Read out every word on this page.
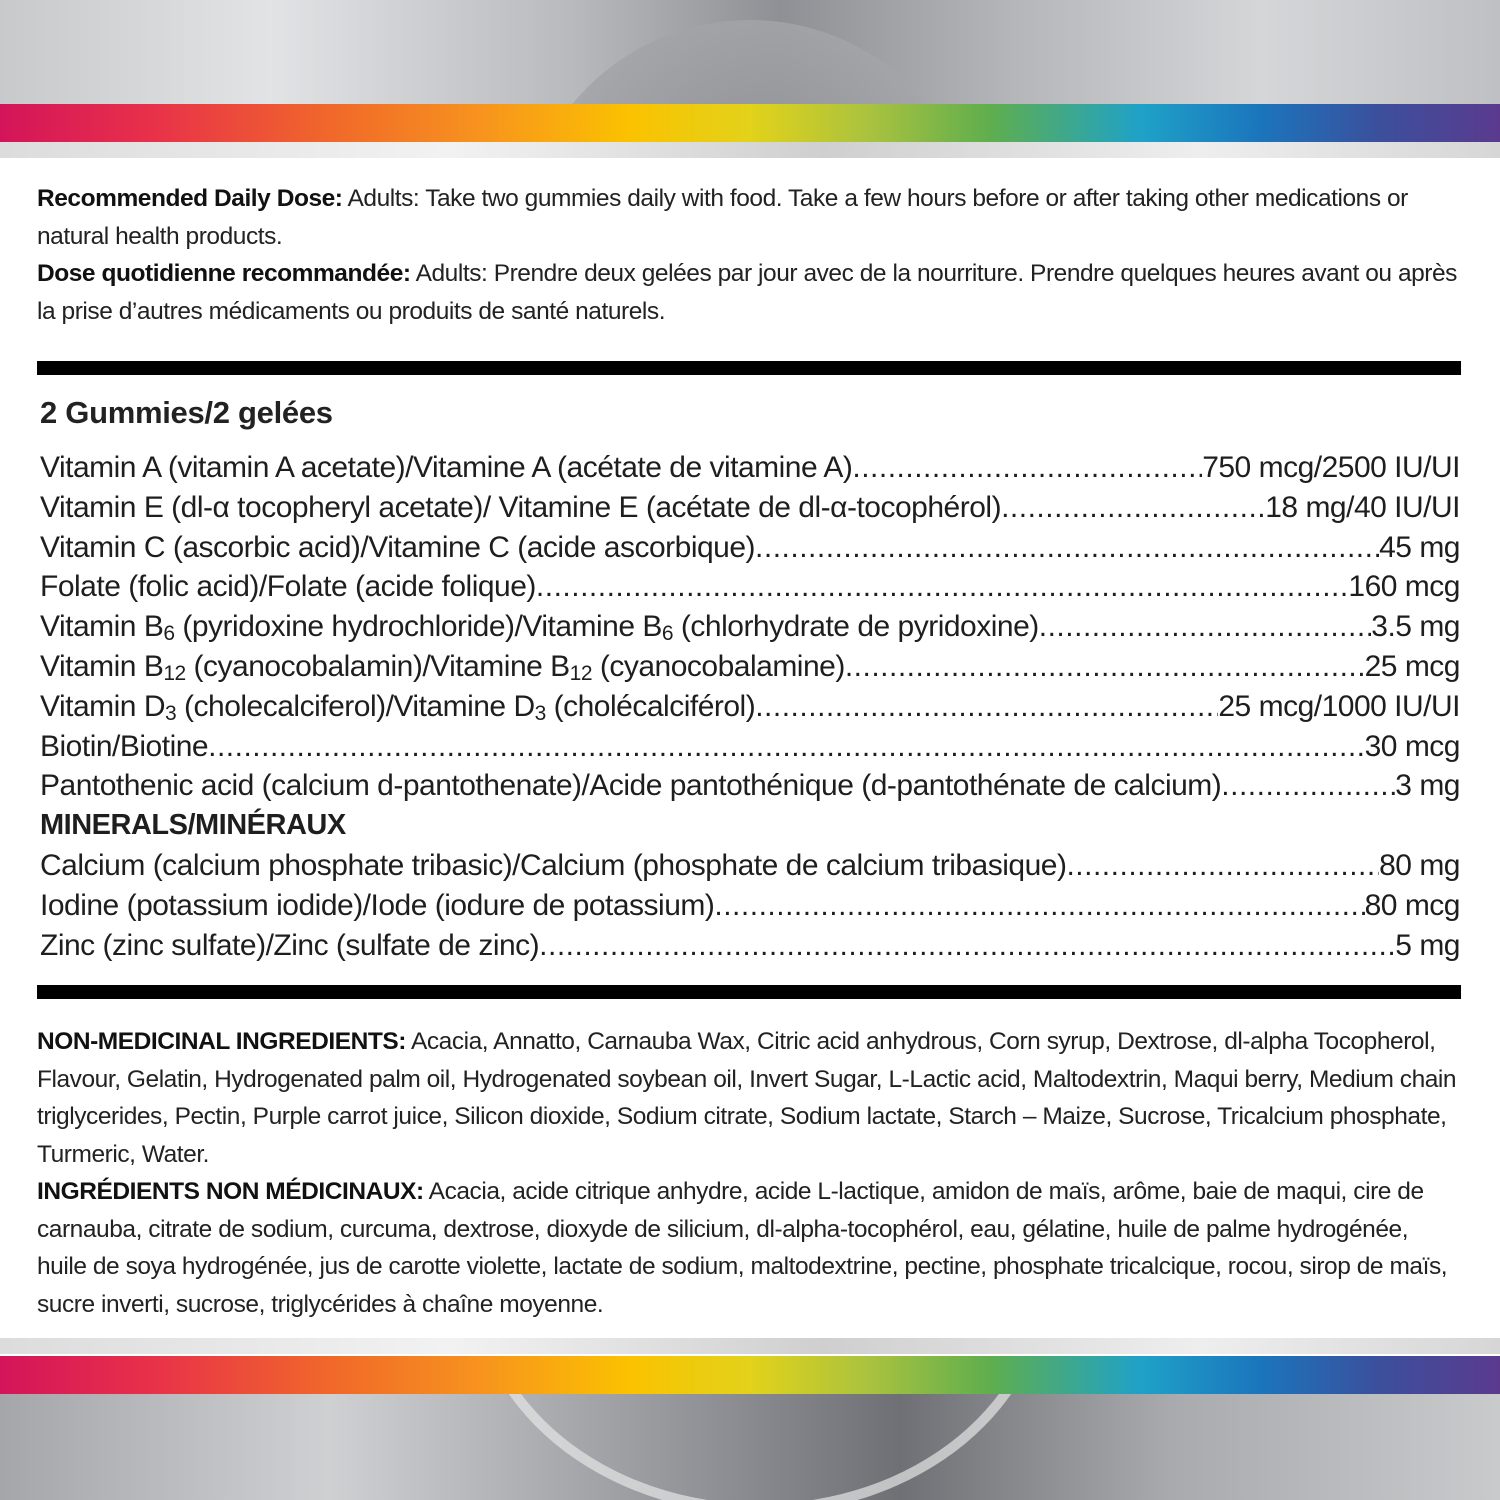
Recommended Daily Dose: Adults: Take two gummies daily with food. Take a few hours before or after taking other medications or natural health products.
Dose quotidienne recommandée: Adults: Prendre deux gelées par jour avec de la nourriture. Prendre quelques heures avant ou après la prise d’autres médicaments ou produits de santé naturels.
2 Gummies/2 gelées
Vitamin A (vitamin A acetate)/Vitamine A (acétate de vitamine A) .....	750 mcg/2500 IU/UI
Vitamin E (dl-α tocopheryl acetate)/ Vitamine E (acétate de dl-α-tocophérol) .....	18 mg/40 IU/UI
Vitamin C (ascorbic acid)/Vitamine C (acide ascorbique) .....	45 mg
Folate (folic acid)/Folate (acide folique) .....	160 mcg
Vitamin $B_6$ (pyridoxine hydrochloride)/Vitamine $B_6$ (chlorhydrate de pyridoxine) .....	3.5 mg
Vitamin $B_{12}$ (cyanocobalamin)/Vitamine $B_{12}$ (cyanocobalamine) .....	25 mcg
Vitamin $D_3$ (cholecalciferol)/Vitamine $D_3$ (cholécalciférol) .....	25 mcg/1000 IU/UI
Biotin/Biotine .....	30 mcg
Pantothenic acid (calcium d-pantothenate)/Acide pantothénique (d-pantothénate de calcium) .....	3 mg
MINERALS/MINÉRAUX
Calcium (calcium phosphate tribasic)/Calcium (phosphate de calcium tribasique) .....	80 mg
Iodine (potassium iodide)/Iode (iodure de potassium) .....	80 mcg
Zinc (zinc sulfate)/Zinc (sulfate de zinc) .....	5 mg
NON-MEDICINAL INGREDIENTS: Acacia, Annatto, Carnauba Wax, Citric acid anhydrous, Corn syrup, Dextrose, dl-alpha Tocopherol, Flavour, Gelatin, Hydrogenated palm oil, Hydrogenated soybean oil, Invert Sugar, L-Lactic acid, Maltodextrin, Maqui berry, Medium chain triglycerides, Pectin, Purple carrot juice, Silicon dioxide, Sodium citrate, Sodium lactate, Starch – Maize, Sucrose, Tricalcium phosphate, Turmeric, Water.
INGRÉDIENTS NON MÉDICINAUX: Acacia, acide citrique anhydre, acide L-lactique, amidon de maïs, arôme, baie de maqui, cire de carnauba, citrate de sodium, curcuma, dextrose, dioxyde de silicium, dl-alpha-tocophérol, eau, gélatine, huile de palme hydrogénée, huile de soya hydrogénée, jus de carotte violette, lactate de sodium, maltodextrine, pectine, phosphate tricalcique, rocou, sirop de maïs, sucre inverti, sucrose, triglycérides à chaîne moyenne.
